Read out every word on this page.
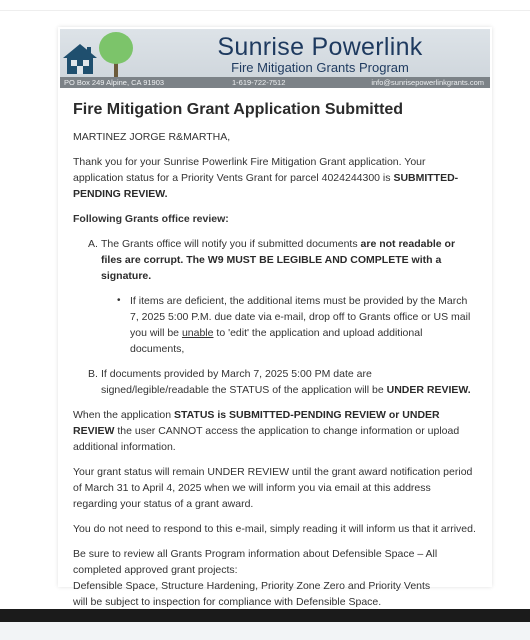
Sunrise Powerlink
Fire Mitigation Grants Program
PO Box 249 Alpine, CA 91903	1-619-722-7512	info@sunrisepowerlinkgrants.com

Fire Mitigation Grant Application Submitted

MARTINEZ JORGE R&MARTHA,

Thank you for your Sunrise Powerlink Fire Mitigation Grant application. Your application status for a Priority Vents Grant for parcel 4024244300 is SUBMITTED-PENDING REVIEW.

Following Grants office review:

A. The Grants office will notify you if submitted documents are not readable or files are corrupt. The W9 MUST BE LEGIBLE AND COMPLETE with a signature.
• If items are deficient, the additional items must be provided by the March 7, 2025 5:00 P.M. due date via e-mail, drop off to Grants office or US mail you will be unable to 'edit' the application and upload additional documents,
B. If documents provided by March 7, 2025 5:00 PM date are signed/legible/readable the STATUS of the application will be UNDER REVIEW.

When the application STATUS is SUBMITTED-PENDING REVIEW or UNDER REVIEW the user CANNOT access the application to change information or upload additional information.

Your grant status will remain UNDER REVIEW until the grant award notification period of March 31 to April 4, 2025 when we will inform you via email at this address regarding your status of a grant award.

You do not need to respond to this e-mail, simply reading it will inform us that it arrived.

Be sure to review all Grants Program information about Defensible Space – All completed approved grant projects:
Defensible Space, Structure Hardening, Priority Zone Zero and Priority Vents
will be subject to inspection for compliance with Defensible Space.
